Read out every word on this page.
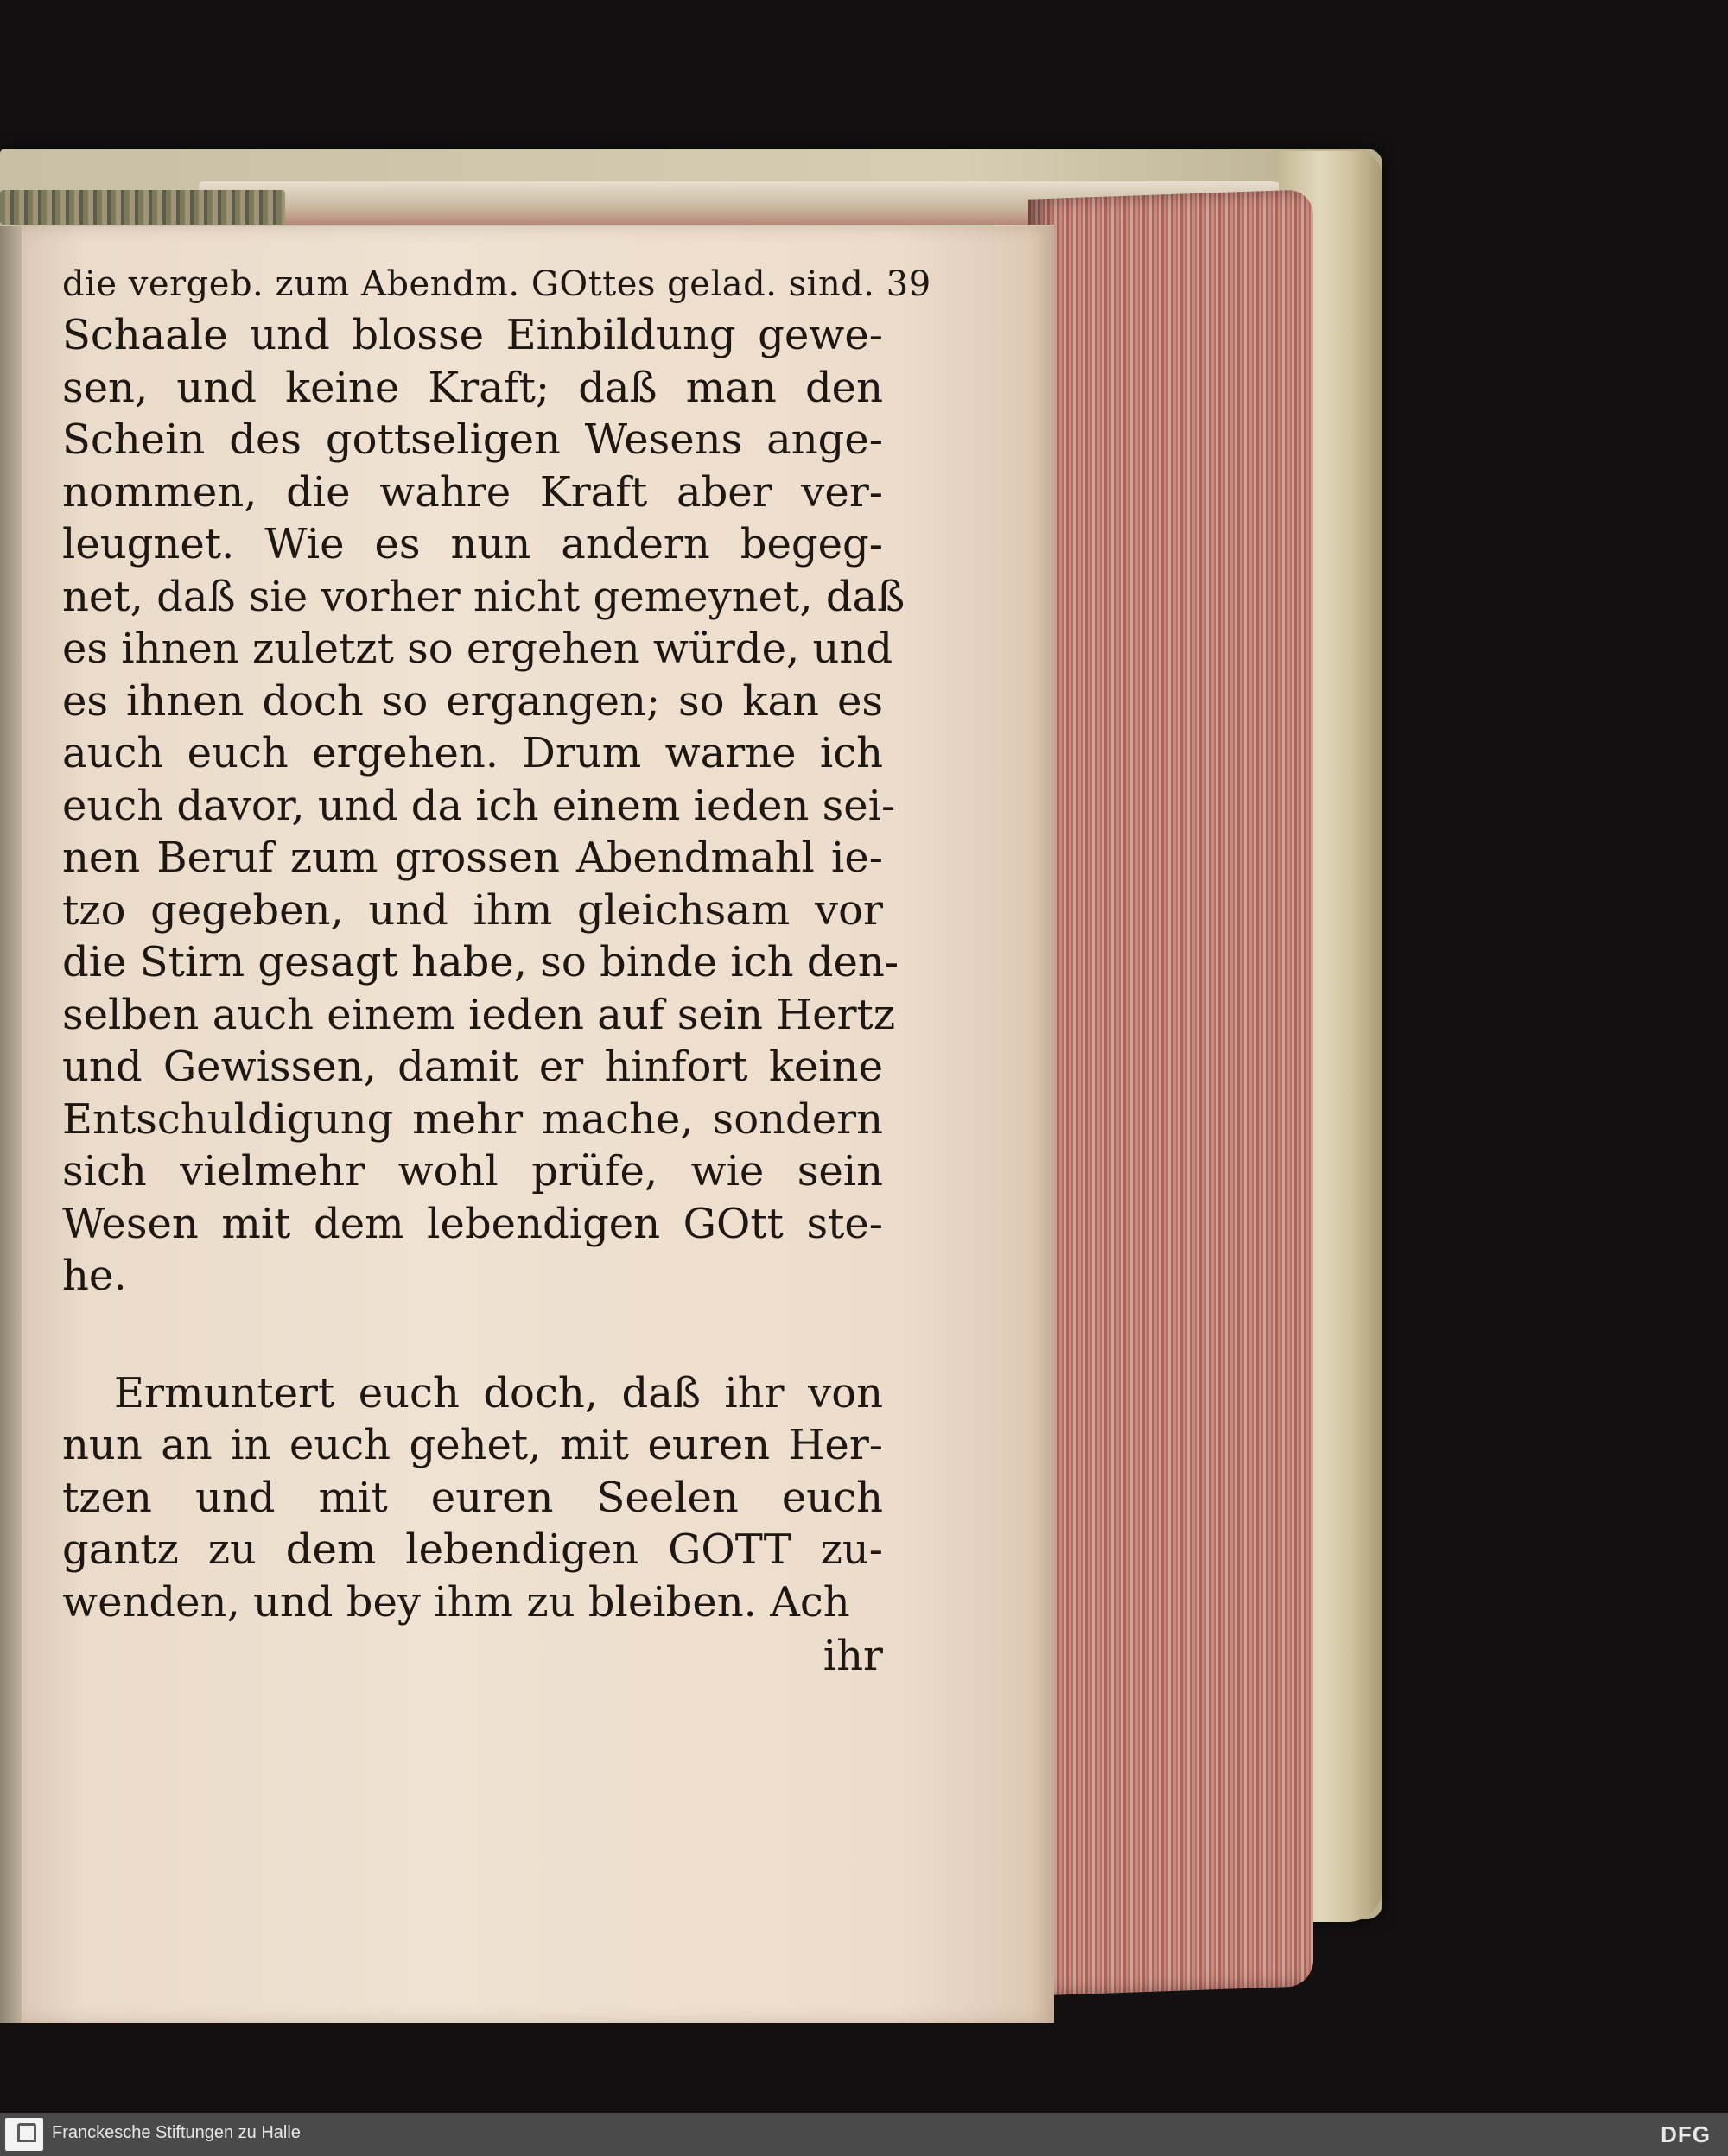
die vergeb. zum Abendm. GOttes gelad. sind. 39
Schaale und blosse Einbildung gewe-
sen, und keine Kraft; daß man den
Schein des gottseligen Wesens ange-
nommen, die wahre Kraft aber ver-
leugnet. Wie es nun andern begeg-
net, daß sie vorher nicht gemeynet, daß
es ihnen zuletzt so ergehen würde, und
es ihnen doch so ergangen; so kan es
auch euch ergehen. Drum warne ich
euch davor, und da ich einem ieden sei-
nen Beruf zum grossen Abendmahl ie-
tzo gegeben, und ihm gleichsam vor
die Stirn gesagt habe, so binde ich den-
selben auch einem ieden auf sein Hertz
und Gewissen, damit er hinfort keine
Entschuldigung mehr mache, sondern
sich vielmehr wohl prüfe, wie sein
Wesen mit dem lebendigen GOtt ste-
he.
Ermuntert euch doch, daß ihr von
nun an in euch gehet, mit euren Her-
tzen und mit euren Seelen euch
gantz zu dem lebendigen GOTT zu-
wenden, und bey ihm zu bleiben. Ach
ihr
Franckesche Stiftungen zu Halle	DFG
